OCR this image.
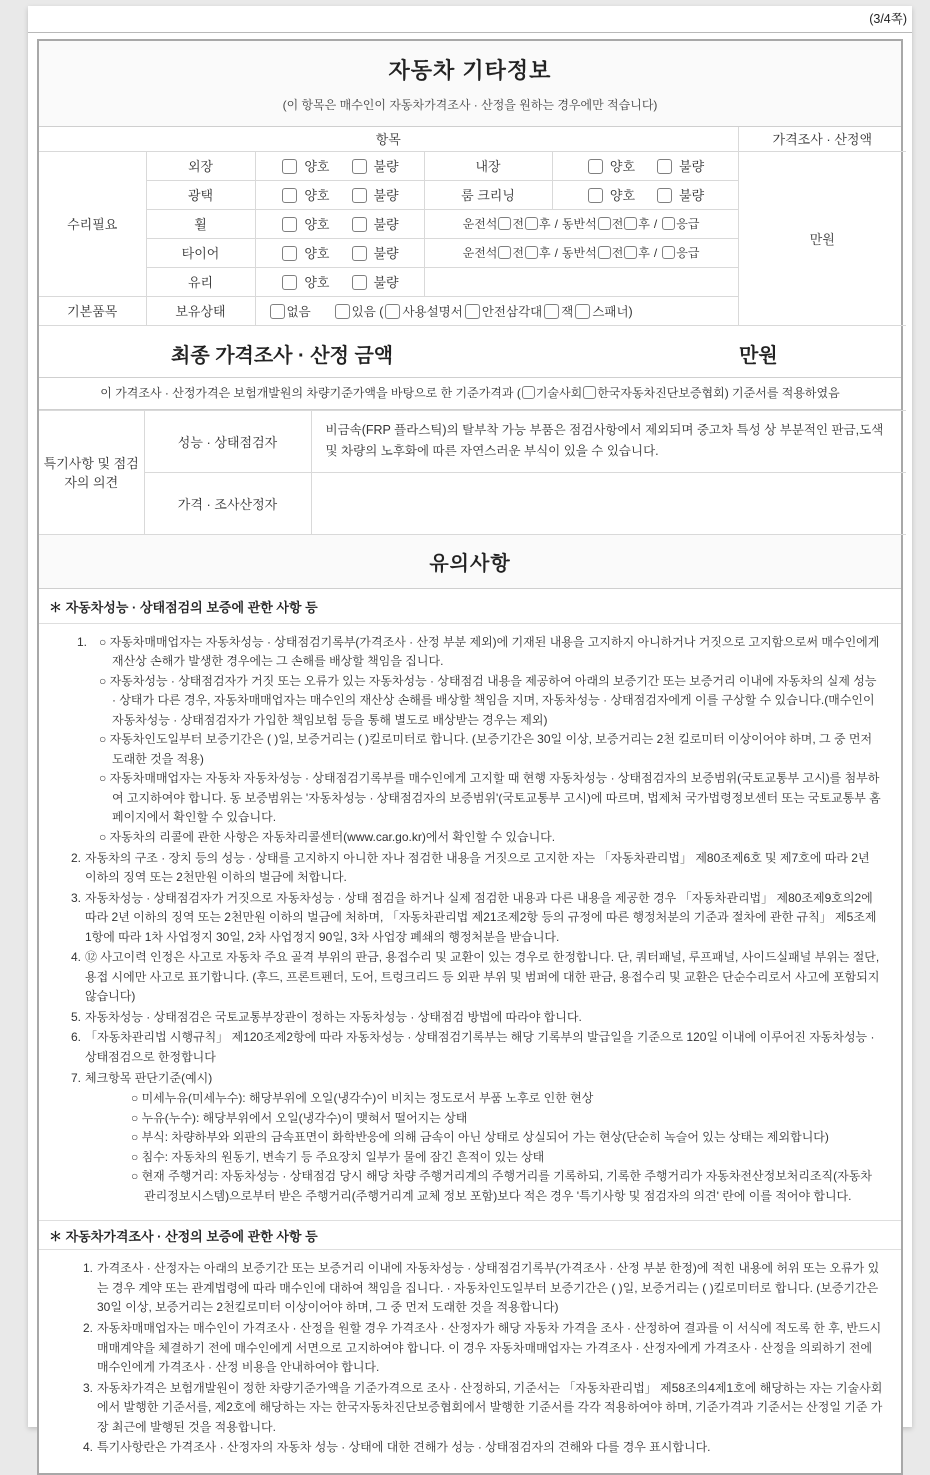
(3/4쪽)
자동차 기타정보
(이 항목은 매수인이 자동차가격조사 · 산정을 원하는 경우에만 적습니다)
항목					가격조사 · 산정액
수리필요	외장	양호 불량	내장	양호 불량	만원
	광택	양호 불량	룸 크리닝	양호 불량	
	휠	양호 불량	운전석 전 후 / 동반석 전 후 / 응급		
	타이어	양호 불량	운전석 전 후 / 동반석 전 후 / 응급		
	유리	양호 불량			
기본품목	보유상태	없음 있음 ( 사용설명서 안전삼각대 잭 스패너)			
최종 가격조사 · 산정 금액	만원
이 가격조사 · 산정가격은 보험개발원의 차량기준가액을 바탕으로 한 기준가격과 ( 기술사회 한국자동차진단보증협회) 기준서를 적용하였음
특기사항 및 점검자의 의견	성능 · 상태점검자	비금속(FRP 플라스틱)의 탈부착 가능 부품은 점검사항에서 제외되며 중고차 특성 상 부분적인 판금,도색 및 차량의 노후화에 따른 자연스러운 부식이 있을 수 있습니다.
	가격 · 조사산정자	
유의사항
＊ 자동차성능 · 상태점검의 보증에 관한 사항 등
1. ○ 자동차매매업자는 자동차성능 · 상태점검기록부(가격조사 · 산정 부분 제외)에 기재된 내용을 고지하지 아니하거나 거짓으로 고지함으로써 매수인에게 재산상 손해가 발생한 경우에는 그 손해를 배상할 책임을 집니다.
○ 자동차성능 · 상태점검자가 거짓 또는 오류가 있는 자동차성능 · 상태점검 내용을 제공하여 아래의 보증기간 또는 보증거리 이내에 자동차의 실제 성능 · 상태가 다른 경우, 자동차매매업자는 매수인의 재산상 손해를 배상할 책임을 지며, 자동차성능 · 상태점검자에게 이를 구상할 수 있습니다.(매수인이 자동차성능 · 상태점검자가 가입한 책임보험 등을 통해 별도로 배상받는 경우는 제외)
○ 자동차인도일부터 보증기간은 ( )일, 보증거리는 ( )킬로미터로 합니다. (보증기간은 30일 이상, 보증거리는 2천 킬로미터 이상이어야 하며, 그 중 먼저 도래한 것을 적용)
○ 자동차매매업자는 자동차 자동차성능 · 상태점검기록부를 매수인에게 고지할 때 현행 자동차성능 · 상태점검자의 보증범위(국토교통부 고시)를 첨부하여 고지하여야 합니다. 동 보증범위는 '자동차성능 · 상태점검자의 보증범위'(국토교통부 고시)에 따르며, 법제처 국가법령정보센터 또는 국토교통부 홈페이지에서 확인할 수 있습니다.
○ 자동차의 리콜에 관한 사항은 자동차리콜센터(www.car.go.kr)에서 확인할 수 있습니다.
2. 자동차의 구조 · 장치 등의 성능 · 상태를 고지하지 아니한 자나 점검한 내용을 거짓으로 고지한 자는 「자동차관리법」 제80조제6호 및 제7호에 따라 2년 이하의 징역 또는 2천만원 이하의 벌금에 처합니다.
3. 자동차성능 · 상태점검자가 거짓으로 자동차성능 · 상태 점검을 하거나 실제 점검한 내용과 다른 내용을 제공한 경우 「자동차관리법」 제80조제9호의2에 따라 2년 이하의 징역 또는 2천만원 이하의 벌금에 처하며, 「자동차관리법 제21조제2항 등의 규정에 따른 행정처분의 기준과 절차에 관한 규칙」 제5조제1항에 따라 1차 사업정지 30일, 2차 사업정지 90일, 3차 사업장 폐쇄의 행정처분을 받습니다.
4. ⑫ 사고이력 인정은 사고로 자동차 주요 골격 부위의 판금, 용접수리 및 교환이 있는 경우로 한정합니다. 단, 쿼터패널, 루프패널, 사이드실패널 부위는 절단, 용접 시에만 사고로 표기합니다. (후드, 프론트펜더, 도어, 트렁크리드 등 외판 부위 및 범퍼에 대한 판금, 용접수리 및 교환은 단순수리로서 사고에 포함되지 않습니다)
5. 자동차성능 · 상태점검은 국토교통부장관이 정하는 자동차성능 · 상태점검 방법에 따라야 합니다.
6. 「자동차관리법 시행규칙」 제120조제2항에 따라 자동차성능 · 상태점검기록부는 해당 기록부의 발급일을 기준으로 120일 이내에 이루어진 자동차성능 · 상태점검으로 한정합니다
7. 체크항목 판단기준(예시)
○ 미세누유(미세누수): 해당부위에 오일(냉각수)이 비치는 정도로서 부품 노후로 인한 현상
○ 누유(누수): 해당부위에서 오일(냉각수)이 맺혀서 떨어지는 상태
○ 부식: 차량하부와 외판의 금속표면이 화학반응에 의해 금속이 아닌 상태로 상실되어 가는 현상(단순히 녹슬어 있는 상태는 제외합니다)
○ 침수: 자동차의 원동기, 변속기 등 주요장치 일부가 물에 잠긴 흔적이 있는 상태
○ 현재 주행거리: 자동차성능 · 상태점검 당시 해당 차량 주행거리계의 주행거리를 기록하되, 기록한 주행거리가 자동차전산정보처리조직(자동차관리정보시스템)으로부터 받은 주행거리(주행거리계 교체 정보 포함)보다 적은 경우 '특기사항 및 점검자의 의견' 란에 이를 적어야 합니다.
＊ 자동차가격조사 · 산정의 보증에 관한 사항 등
1. 가격조사 · 산정자는 아래의 보증기간 또는 보증거리 이내에 자동차성능 · 상태점검기록부(가격조사 · 산정 부분 한정)에 적힌 내용에 허위 또는 오류가 있는 경우 계약 또는 관계법령에 따라 매수인에 대하여 책임을 집니다. · 자동차인도일부터 보증기간은 ( )일, 보증거리는 ( )킬로미터로 합니다. (보증기간은 30일 이상, 보증거리는 2천킬로미터 이상이어야 하며, 그 중 먼저 도래한 것을 적용합니다)
2. 자동차매매업자는 매수인이 가격조사 · 산정을 원할 경우 가격조사 · 산정자가 해당 자동차 가격을 조사 · 산정하여 결과를 이 서식에 적도록 한 후, 반드시 매매계약을 체결하기 전에 매수인에게 서면으로 고지하여야 합니다. 이 경우 자동차매매업자는 가격조사 · 산정자에게 가격조사 · 산정을 의뢰하기 전에 매수인에게 가격조사 · 산정 비용을 안내하여야 합니다.
3. 자동차가격은 보험개발원이 정한 차량기준가액을 기준가격으로 조사 · 산정하되, 기준서는 「자동차관리법」 제58조의4제1호에 해당하는 자는 기술사회에서 발행한 기준서를, 제2호에 해당하는 자는 한국자동차진단보증협회에서 발행한 기준서를 각각 적용하여야 하며, 기준가격과 기준서는 산정일 기준 가장 최근에 발행된 것을 적용합니다.
4. 특기사항란은 가격조사 · 산정자의 자동차 성능 · 상태에 대한 견해가 성능 · 상태점검자의 견해와 다를 경우 표시합니다.
